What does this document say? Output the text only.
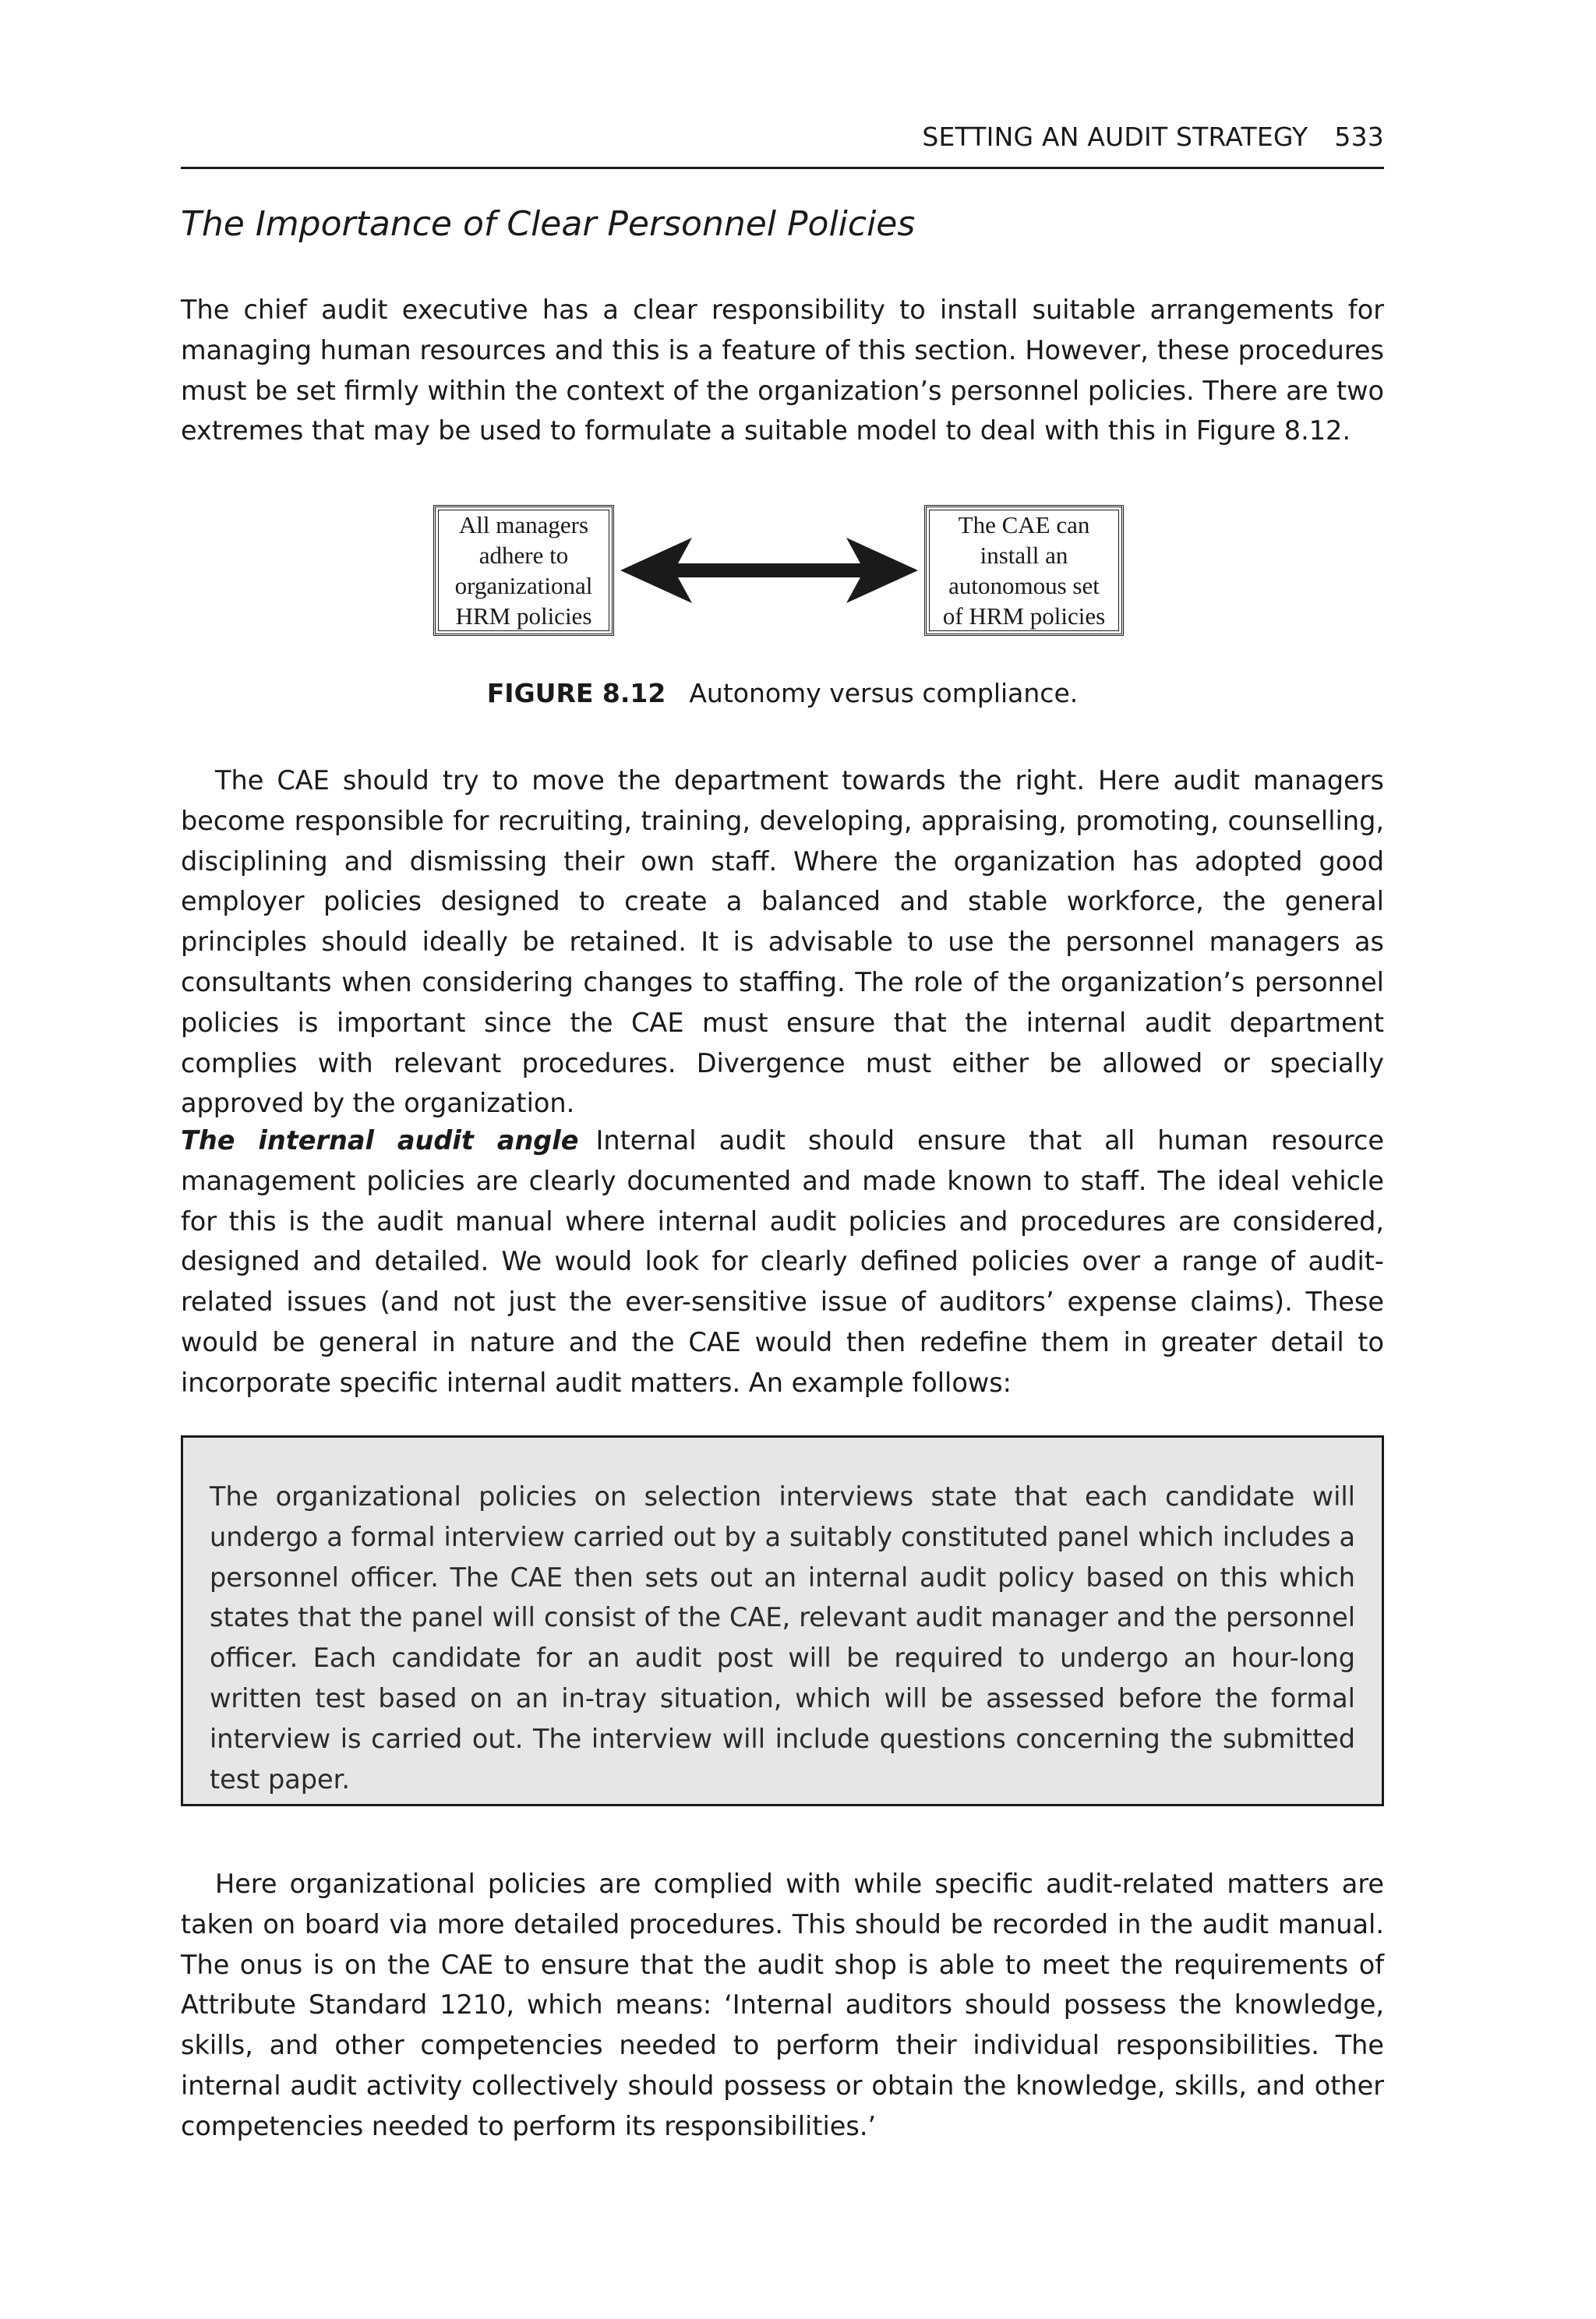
SETTING AN AUDIT STRATEGY 533
The Importance of Clear Personnel Policies

The chief audit executive has a clear responsibility to install suitable arrangements for managing human resources and this is a feature of this section. However, these procedures must be set firmly within the context of the organization’s personnel policies. There are two extremes that may be used to formulate a suitable model to deal with this in Figure 8.12.

All managers
adhere to
organizational
HRM policies
The CAE can
install an
autonomous set
of HRM policies
FIGURE 8.12 Autonomy versus compliance.

The CAE should try to move the department towards the right. Here audit managers become responsible for recruiting, training, developing, appraising, promoting, counselling, disciplining and dismissing their own staff. Where the organization has adopted good employer policies designed to create a balanced and stable workforce, the general principles should ideally be retained. It is advisable to use the personnel managers as consultants when considering changes to staffing. The role of the organization’s personnel policies is important since the CAE must ensure that the internal audit department complies with relevant procedures. Divergence must either be allowed or specially approved by the organization.

The internal audit angle Internal audit should ensure that all human resource management policies are clearly documented and made known to staff. The ideal vehicle for this is the audit manual where internal audit policies and procedures are considered, designed and detailed. We would look for clearly defined policies over a range of audit-related issues (and not just the ever-sensitive issue of auditors’ expense claims). These would be general in nature and the CAE would then redefine them in greater detail to incorporate specific internal audit matters. An example follows:

The organizational policies on selection interviews state that each candidate will undergo a formal interview carried out by a suitably constituted panel which includes a personnel officer. The CAE then sets out an internal audit policy based on this which states that the panel will consist of the CAE, relevant audit manager and the personnel officer. Each candidate for an audit post will be required to undergo an hour-long written test based on an in-tray situation, which will be assessed before the formal interview is carried out. The interview will include questions concerning the submitted test paper.

Here organizational policies are complied with while specific audit-related matters are taken on board via more detailed procedures. This should be recorded in the audit manual. The onus is on the CAE to ensure that the audit shop is able to meet the requirements of Attribute Standard 1210, which means: ‘Internal auditors should possess the knowledge, skills, and other competencies needed to perform their individual responsibilities. The internal audit activity collectively should possess or obtain the knowledge, skills, and other competencies needed to perform its responsibilities.’
